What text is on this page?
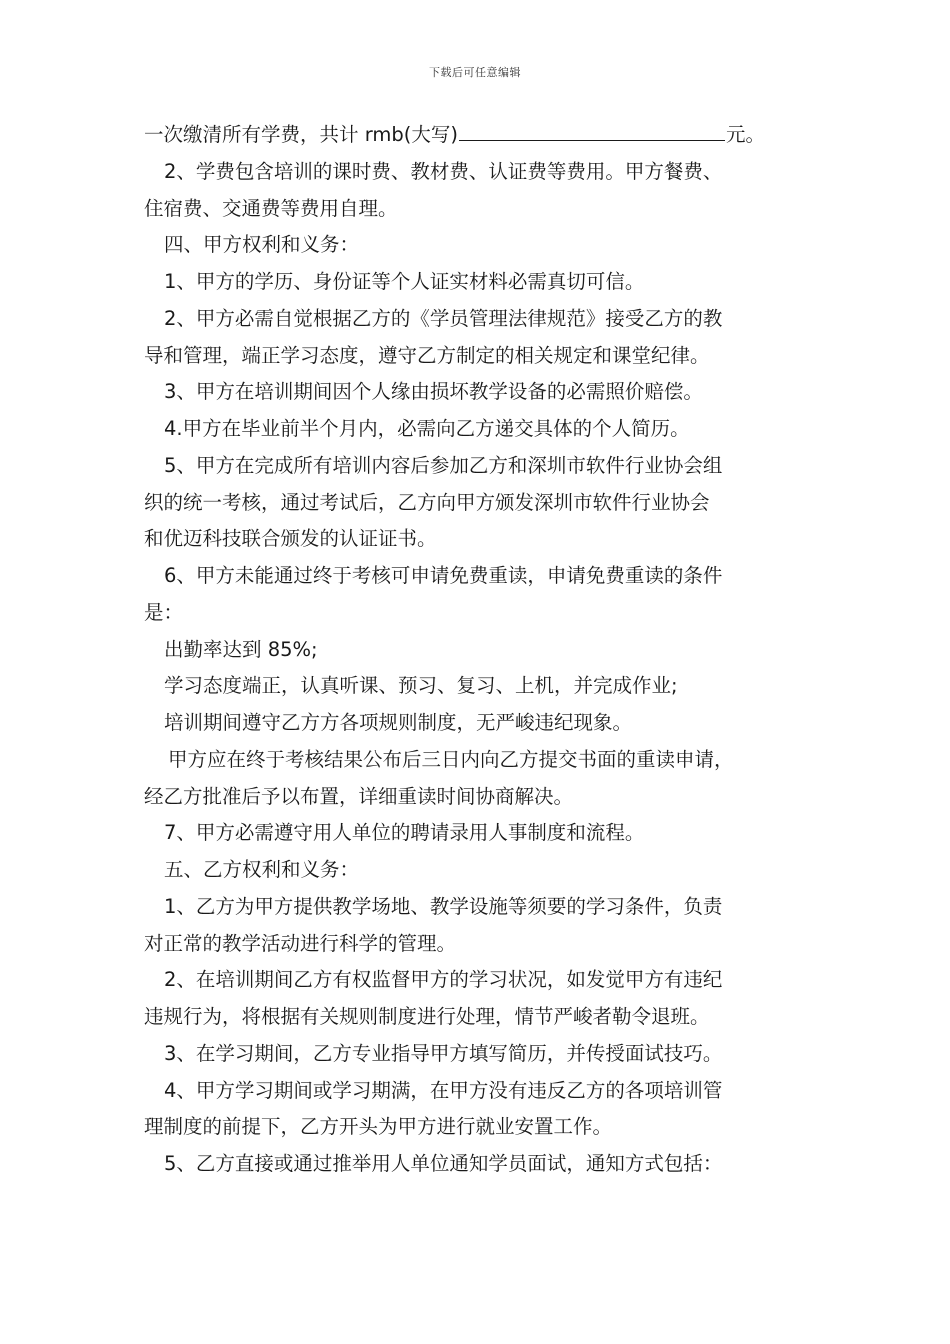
下载后可任意编辑
一次缴清所有学费，共计 rmb(大写)	元。
2、学费包含培训的课时费、教材费、认证费等费用。甲方餐费、
住宿费、交通费等费用自理。
四、甲方权利和义务：
1、甲方的学历、身份证等个人证实材料必需真切可信。
2、甲方必需自觉根据乙方的《学员管理法律规范》接受乙方的教
导和管理，端正学习态度，遵守乙方制定的相关规定和课堂纪律。
3、甲方在培训期间因个人缘由损坏教学设备的必需照价赔偿。
4.甲方在毕业前半个月内，必需向乙方递交具体的个人简历。
5、甲方在完成所有培训内容后参加乙方和深圳市软件行业协会组
织的统一考核，通过考试后，乙方向甲方颁发深圳市软件行业协会
和优迈科技联合颁发的认证证书。
6、甲方未能通过终于考核可申请免费重读，申请免费重读的条件
是：
出勤率达到 85%;
学习态度端正，认真听课、预习、复习、上机，并完成作业;
培训期间遵守乙方方各项规则制度，无严峻违纪现象。
甲方应在终于考核结果公布后三日内向乙方提交书面的重读申请，
经乙方批准后予以布置，详细重读时间协商解决。
7、甲方必需遵守用人单位的聘请录用人事制度和流程。
五、乙方权利和义务：
1、乙方为甲方提供教学场地、教学设施等须要的学习条件，负责
对正常的教学活动进行科学的管理。
2、在培训期间乙方有权监督甲方的学习状况，如发觉甲方有违纪
违规行为，将根据有关规则制度进行处理，情节严峻者勒令退班。
3、在学习期间，乙方专业指导甲方填写简历，并传授面试技巧。
4、甲方学习期间或学习期满，在甲方没有违反乙方的各项培训管
理制度的前提下，乙方开头为甲方进行就业安置工作。
5、乙方直接或通过推举用人单位通知学员面试，通知方式包括：
